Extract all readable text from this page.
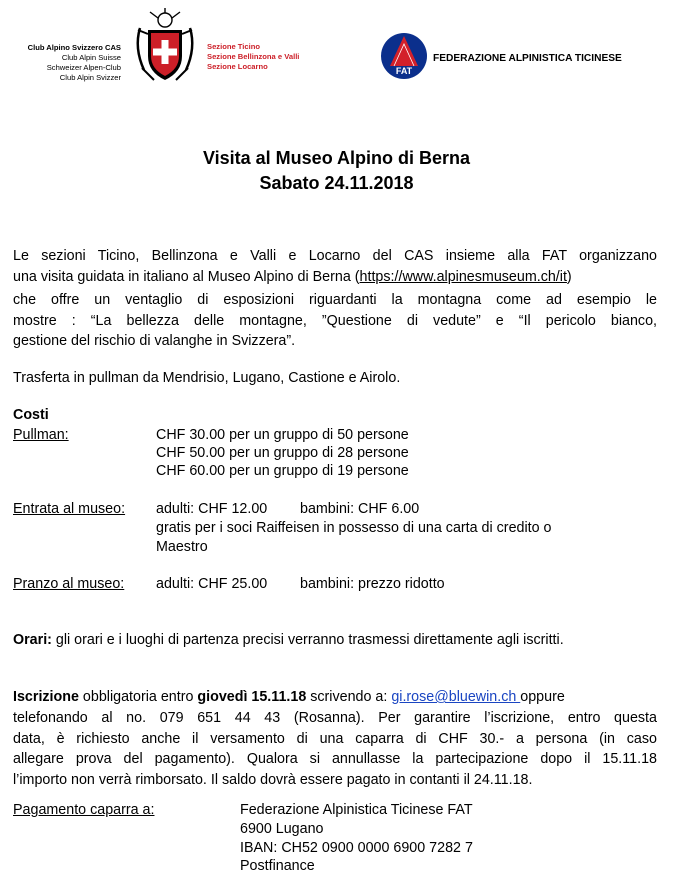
Club Alpino Svizzero CAS
Club Alpin Suisse
Schweizer Alpen-Club
Club Alpin Svizzer
Sezione Ticino
Sezione Bellinzona e Valli
Sezione Locarno	FAT
FEDERAZIONE ALPINISTICA TICINESE
Visita al Museo Alpino di Berna
Sabato 24.11.2018
Le sezioni Ticino, Bellinzona e Valli e Locarno del CAS insieme alla FAT organizzano
una visita guidata in italiano al Museo Alpino di Berna (https://www.alpinesmuseum.ch/it)
che offre un ventaglio di esposizioni riguardanti la montagna come ad esempio le
mostre : “La bellezza delle montagne, ”Questione di vedute” e “Il pericolo bianco,
gestione del rischio di valanghe in Svizzera”.
Trasferta in pullman da Mendrisio, Lugano, Castione e Airolo.
Costi
Pullman:	CHF 30.00 per un gruppo di 50 persone
CHF 50.00 per un gruppo di 28 persone
CHF 60.00 per un gruppo di 19 persone
Entrata al museo: adulti: CHF 12.00 bambini: CHF 6.00
gratis per i soci Raiffeisen in possesso di una carta di credito o
Maestro
Pranzo al museo: adulti: CHF 25.00 bambini: prezzo ridotto
Orari: gli orari e i luoghi di partenza precisi verranno trasmessi direttamente agli iscritti.
Iscrizione obbligatoria entro giovedì 15.11.18 scrivendo a: gi.rose@bluewin.ch oppure
telefonando al no. 079 651 44 43 (Rosanna). Per garantire l’iscrizione, entro questa
data, è richiesto anche il versamento di una caparra di CHF 30.- a persona (in caso
allegare prova del pagamento). Qualora si annullasse la partecipazione dopo il 15.11.18
l’importo non verrà rimborsato. Il saldo dovrà essere pagato in contanti il 24.11.18.
Pagamento caparra a:	Federazione Alpinistica Ticinese FAT
6900 Lugano
IBAN: CH52 0900 0000 6900 7282 7
Postfinance
